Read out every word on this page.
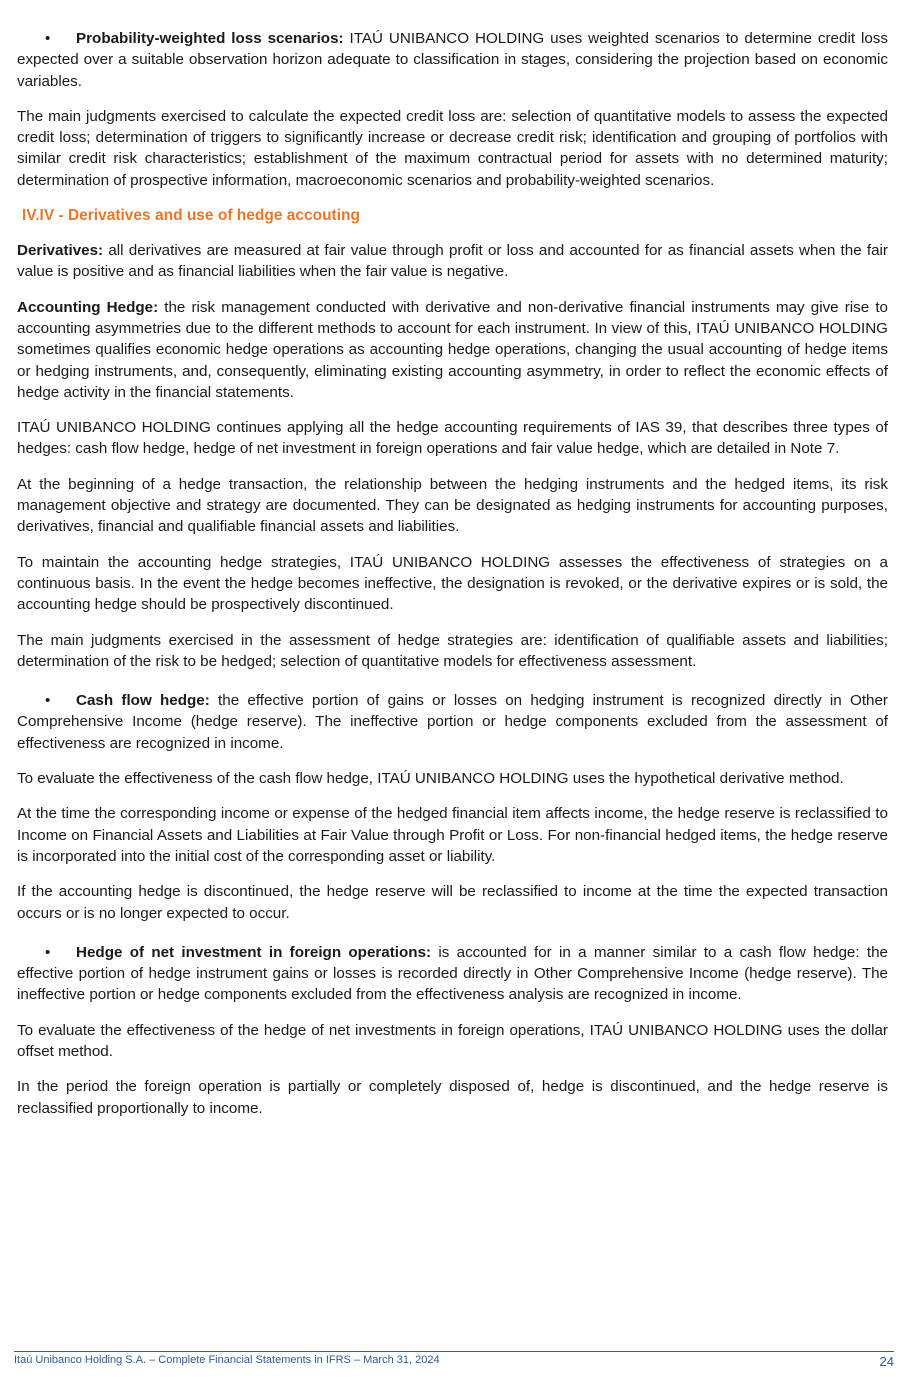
• Probability-weighted loss scenarios: ITAÚ UNIBANCO HOLDING uses weighted scenarios to determine credit loss expected over a suitable observation horizon adequate to classification in stages, considering the projection based on economic variables.

The main judgments exercised to calculate the expected credit loss are: selection of quantitative models to assess the expected credit loss; determination of triggers to significantly increase or decrease credit risk; identification and grouping of portfolios with similar credit risk characteristics; establishment of the maximum contractual period for assets with no determined maturity; determination of prospective information, macroeconomic scenarios and probability-weighted scenarios.

IV.IV - Derivatives and use of hedge accouting

Derivatives: all derivatives are measured at fair value through profit or loss and accounted for as financial assets when the fair value is positive and as financial liabilities when the fair value is negative.

Accounting Hedge: the risk management conducted with derivative and non-derivative financial instruments may give rise to accounting asymmetries due to the different methods to account for each instrument. In view of this, ITAÚ UNIBANCO HOLDING sometimes qualifies economic hedge operations as accounting hedge operations, changing the usual accounting of hedge items or hedging instruments, and, consequently, eliminating existing accounting asymmetry, in order to reflect the economic effects of hedge activity in the financial statements.

ITAÚ UNIBANCO HOLDING continues applying all the hedge accounting requirements of IAS 39, that describes three types of hedges: cash flow hedge, hedge of net investment in foreign operations and fair value hedge, which are detailed in Note 7.

At the beginning of a hedge transaction, the relationship between the hedging instruments and the hedged items, its risk management objective and strategy are documented. They can be designated as hedging instruments for accounting purposes, derivatives, financial and qualifiable financial assets and liabilities.

To maintain the accounting hedge strategies, ITAÚ UNIBANCO HOLDING assesses the effectiveness of strategies on a continuous basis. In the event the hedge becomes ineffective, the designation is revoked, or the derivative expires or is sold, the accounting hedge should be prospectively discontinued.

The main judgments exercised in the assessment of hedge strategies are: identification of qualifiable assets and liabilities; determination of the risk to be hedged; selection of quantitative models for effectiveness assessment.

• Cash flow hedge: the effective portion of gains or losses on hedging instrument is recognized directly in Other Comprehensive Income (hedge reserve). The ineffective portion or hedge components excluded from the assessment of effectiveness are recognized in income.

To evaluate the effectiveness of the cash flow hedge, ITAÚ UNIBANCO HOLDING uses the hypothetical derivative method.

At the time the corresponding income or expense of the hedged financial item affects income, the hedge reserve is reclassified to Income on Financial Assets and Liabilities at Fair Value through Profit or Loss. For non-financial hedged items, the hedge reserve is incorporated into the initial cost of the corresponding asset or liability.

If the accounting hedge is discontinued, the hedge reserve will be reclassified to income at the time the expected transaction occurs or is no longer expected to occur.

• Hedge of net investment in foreign operations: is accounted for in a manner similar to a cash flow hedge: the effective portion of hedge instrument gains or losses is recorded directly in Other Comprehensive Income (hedge reserve). The ineffective portion or hedge components excluded from the effectiveness analysis are recognized in income.

To evaluate the effectiveness of the hedge of net investments in foreign operations, ITAÚ UNIBANCO HOLDING uses the dollar offset method.

In the period the foreign operation is partially or completely disposed of, hedge is discontinued, and the hedge reserve is reclassified proportionally to income.

Itaú Unibanco Holding S.A. – Complete Financial Statements in IFRS – March 31, 2024	24
